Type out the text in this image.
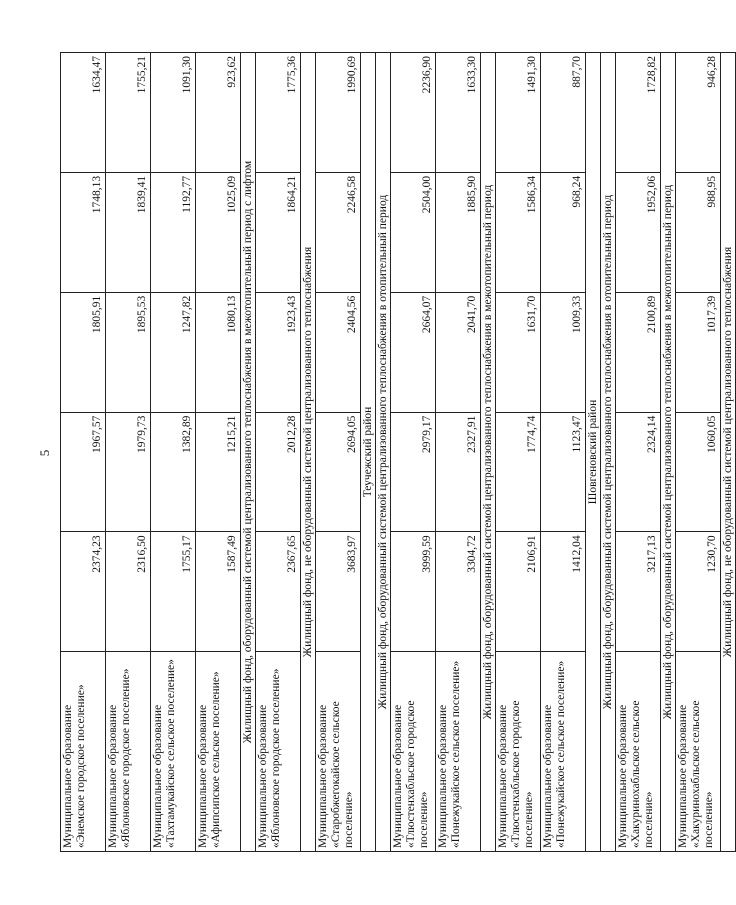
5
Муниципальное образование «Энемское городское поселение»	2374,23	1967,57	1805,91	1748,13	1634,47
Муниципальное образование «Яблоновское городское поселение»	2316,50	1979,73	1895,53	1839,41	1755,21
Муниципальное образование «Тахтамукайское сельское поселение»	1755,17	1382,89	1247,82	1192,77	1091,30
Муниципальное образование «Афипсипское сельское поселение»	1587,49	1215,21	1080,13	1025,09	923,62
Жилищный фонд, оборудованный системой централизованного теплоснабжения в межотопительный период с лифтом					
Муниципальное образование «Яблоновское городское поселение»	2367,65	2012,28	1923,43	1864,21	1775,36
Жилищный фонд, не оборудованный системой централизованного теплоснабжения					
Муниципальное образование «Старобжегокайское сельское поселение»	3683,97	2694,05	2404,56	2246,58	1990,69
Теучежский район					
Жилищный фонд, оборудованный системой централизованного теплоснабжения в отопительный период					
Муниципальное образование «Тлюстенхабльское городское поселение»	3999,59	2979,17	2664,07	2504,00	2236,90
Муниципальное образование «Понежукайское сельское поселение»	3304,72	2327,91	2041,70	1885,90	1633,30
Жилищный фонд, оборудованный системой централизованного теплоснабжения в межотопительный период					
Муниципальное образование «Тлюстенхабльское городское поселение»	2106,91	1774,74	1631,70	1586,34	1491,30
Муниципальное образование «Понежукайское сельское поселение»	1412,04	1123,47	1009,33	968,24	887,70
Шовгеновский район					
Жилищный фонд, оборудованный системой централизованного теплоснабжения в отопительный период					
Муниципальное образование «Хакуринохабльское сельское поселение»	3217,13	2324,14	2100,89	1952,06	1728,82
Жилищный фонд, оборудованный системой централизованного теплоснабжения в межотопительный период					
Муниципальное образование «Хакуринохабльское сельское поселение»	1230,70	1060,05	1017,39	988,95	946,28
Жилищный фонд, не оборудованный системой централизованного теплоснабжения					
